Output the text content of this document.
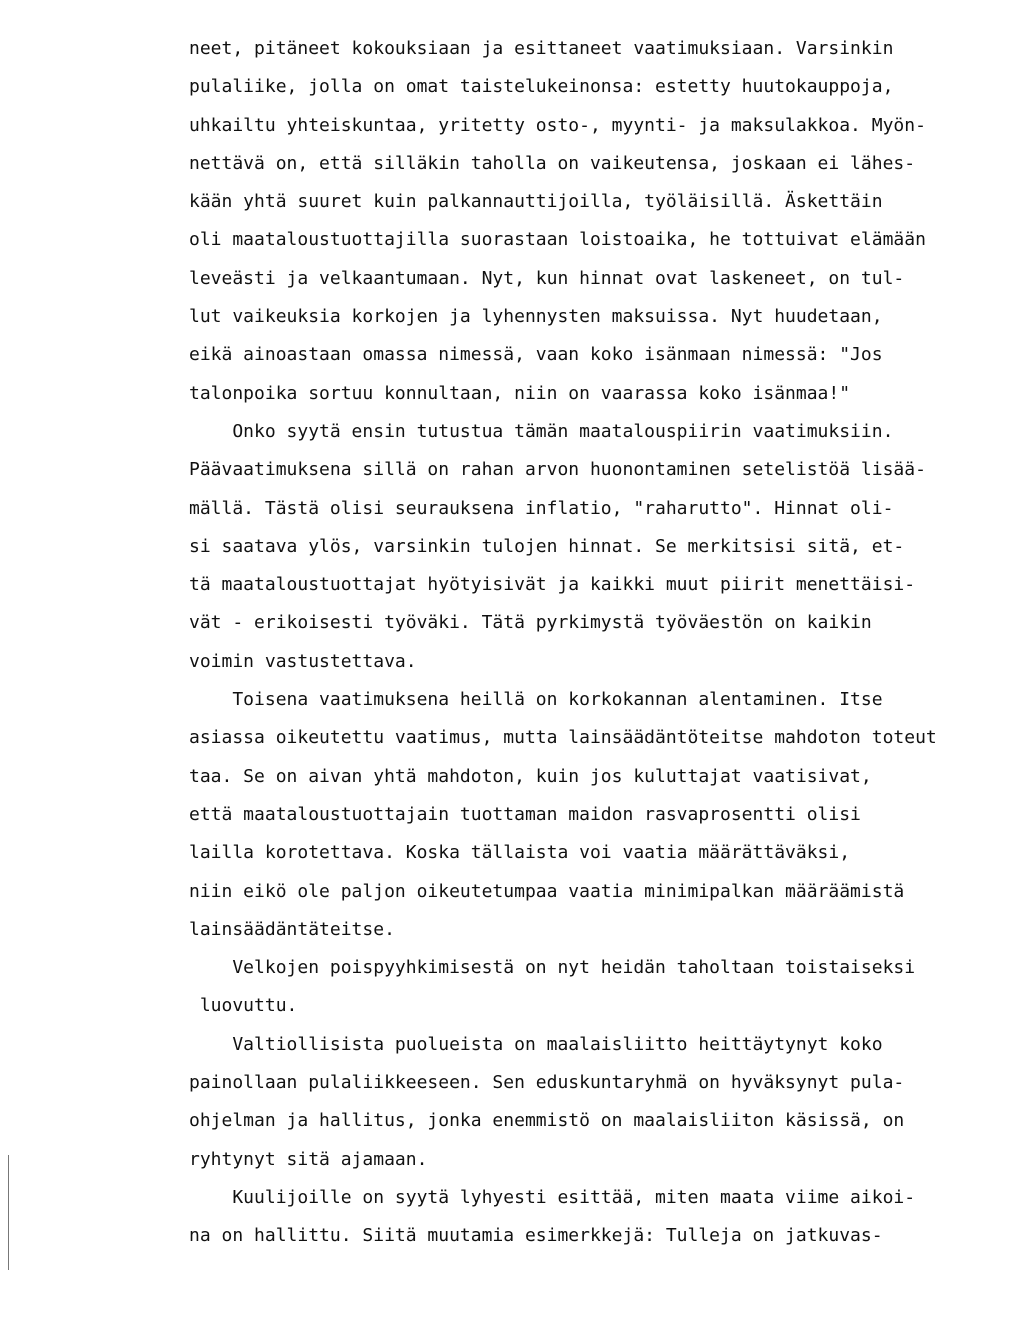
neet, pitäneet kokouksiaan ja esittaneet vaatimuksiaan. Varsinkin
pulaliike, jolla on omat taistelukeinonsa: estetty huutokauppoja,
uhkailtu yhteiskuntaa, yritetty osto-, myynti- ja maksulakkoa. Myön-
nettävä on, että silläkin taholla on vaikeutensa, joskaan ei lähes-
kään yhtä suuret kuin palkannauttijoilla, työläisillä. Äskettäin
oli maataloustuottajilla suorastaan loistoaika, he tottuivat elämään
leveästi ja velkaantumaan. Nyt, kun hinnat ovat laskeneet, on tul-
lut vaikeuksia korkojen ja lyhennysten maksuissa. Nyt huudetaan,
eikä ainoastaan omassa nimessä, vaan koko isänmaan nimessä: "Jos
talonpoika sortuu konnultaan, niin on vaarassa koko isänmaa!"
Onko syytä ensin tutustua tämän maatalouspiirin vaatimuksiin.
Päävaatimuksena sillä on rahan arvon huonontaminen setelistöä lisää-
mällä. Tästä olisi seurauksena inflatio, "raharutto". Hinnat oli-
si saatava ylös, varsinkin tulojen hinnat. Se merkitsisi sitä, et-
tä maataloustuottajat hyötyisivät ja kaikki muut piirit menettäisi-
vät - erikoisesti työväki. Tätä pyrkimystä työväestön on kaikin
voimin vastustettava.
Toisena vaatimuksena heillä on korkokannan alentaminen. Itse
asiassa oikeutettu vaatimus, mutta lainsäädäntöteitse mahdoton toteut
taa. Se on aivan yhtä mahdoton, kuin jos kuluttajat vaatisivat,
että maataloustuottajain tuottaman maidon rasvaprosentti olisi
lailla korotettava. Koska tällaista voi vaatia määrättäväksi,
niin eikö ole paljon oikeutetumpaa vaatia minimipalkan määräämistä
lainsäädäntäteitse.
Velkojen poispyyhkimisestä on nyt heidän taholtaan toistaiseksi
luovuttu.
Valtiollisista puolueista on maalaisliitto heittäytynyt koko
painollaan pulaliikkeeseen. Sen eduskuntaryhmä on hyväksynyt pula-
ohjelman ja hallitus, jonka enemmistö on maalaisliiton käsissä, on
ryhtynyt sitä ajamaan.
Kuulijoille on syytä lyhyesti esittää, miten maata viime aikoi-
na on hallittu. Siitä muutamia esimerkkejä: Tulleja on jatkuvas-
